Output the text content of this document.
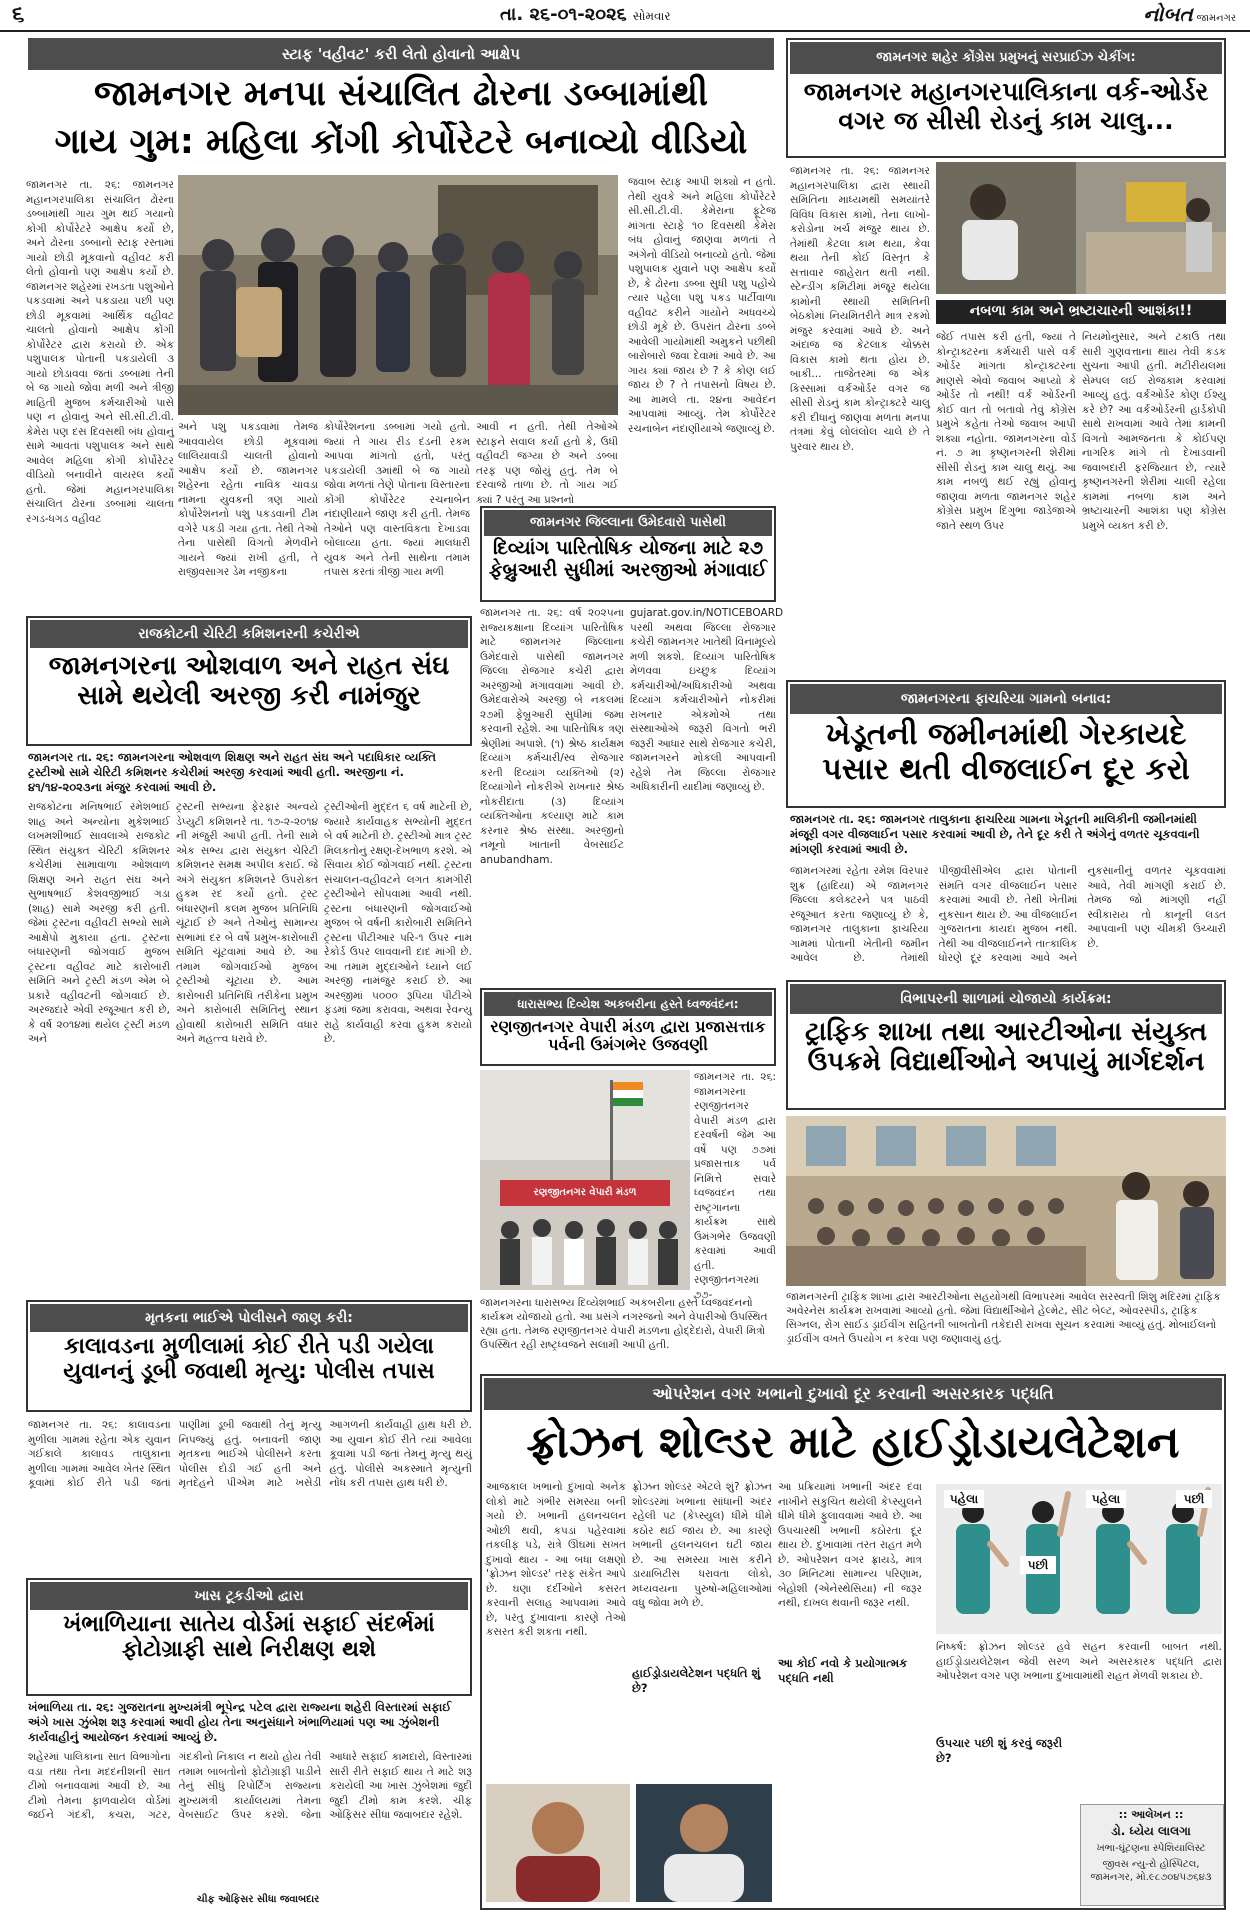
૬	તા. ૨૬-૦૧-૨૦૨૬ સોમવાર	નોબત જામનગર
સ્ટાફ 'વહીવટ' કરી લેતો હોવાનો આક્ષેપ
જામનગર મનપા સંચાલિત ઢોરના ડબ્બામાંથી
ગાય ગુમ: મહિલા કોંગી કોર્પોરેટરે બનાવ્યો વીડિયો
જામનગર તા. ૨૬: જામનગર મહાનગરપાલિકા સંચાલિત ઢોરના ડબ્બામાંથી ગાય ગુમ થઈ ગયાનો કોંગી કોર્પોરેટરે આક્ષેપ કર્યો છે, અને ઢોરના ડબ્બાનો સ્ટાફ રસ્તામાં ગાયો છોડી મૂકવાનો વહીવટ કરી લેતો હોવાનો પણ આક્ષેપ કર્યો છે. જામનગર શહેરમાં રખડતા પશુઓને પકડવામાં અને પકડાયા પછી પણ છોડી મૂકવામાં આર્થિક વહીવટ ચાલતો હોવાનો આક્ષેપ કોંગી કોર્પોરેટર દ્વારા કરાયો છે. એક પશુપાલક પોતાની પકડાયેલી ૩ ગાયો છોડાવવા જતાં ડબ્બામાં તેની બે જ ગાયો જોવા મળી અને ત્રીજી માહિતી મુજબ કર્મચારીઓ પાસે પણ ન હોવાનું અને સી.સી.ટી.વી. કેમેરા પણ દસ દિવસથી બંધ હોવાનું સામે આવતાં પશુપાલક અને સાથે આવેલ મહિલા કોંગી કોર્પોરેટર વીડિયો બનાવીને વાયરલ કર્યો હતો. જેમાં મહાનગરપાલિકા સંચાલિત ઢોરના ડબ્બામાં ચાલતા રગડ-ધગડ વહીવટ
અને પશુ પકડવામાં તેમજ આવવાયેલ છોડી મૂકવામાં લાલિયાવાડી ચાલતી હોવાનો આક્ષેપ કર્યો છે. જામનગર શહેરના રહેતા નાવિક ચાવડા નામના યુવકની ત્રણ ગાયો કોર્પોરેશનનો પશુ પકડવાની ટીમ વગેરે પકડી ગયા હતા. તેથી તેઓ તેના પાસેથી વિગતો મેળવીને ગાયને જ્યાં રાખી હતી, તે રાજીવસાગર ડેમ નજીકના
કોર્પોરેશનના ડબ્બામાં ગયો હતો. જ્યાં તે ગાય રીડ દંડની રકમ આપવા માંગતો હતો, પરંતુ પકડાયેલી ૩માંથી બે જ ગાયો જોવા મળતાં તેણે પોતાના વિસ્તારના કોંગી કોર્પોરેટર રચનાબેન નંદાણીયાને જાણ કરી હતી. તેમજ તેઓને પણ વાસ્તવિકતા દેખાડવા બોલાવ્યા હતા. જ્યાં માલધારી યુવક અને તેની સાથેના તમામ તપાસ કરતાં ત્રીજી ગાય મળી
આવી ન હતી. તેથી તેઓએ સ્ટાફને સવાલ કર્યા હતો કે, ઉધી વહીવટી જગ્યા છે અને ડબ્બા તરફ પણ જોયું હતું. તેમ બે દરવાજે તાળા છે. તો ગાય ગઈ ક્યાં ? પરંતુ આ પ્રશ્નનો
જવાબ સ્ટાફ આપી શક્યો ન હતો. તેથી યુવકે અને મહિલા કોર્પોરેટરે સી.સી.ટી.વી. કેમેરાના ફૂટેજ માંગતા સ્ટાફે ૧૦ દિવસથી કેમેરા બંધ હોવાનું જાણવા મળતાં તે અંગેનો વીડિયો બનાવ્યો હતો. જેમાં પશુપાલક યુવાને પણ આક્ષેપ કર્યો છે, કે ઢોરના ડબ્બા સુધી પશુ પહોંચે ત્યાર પહેલા પશુ પકડ પાર્ટીવાળા વહીવટ કરીને ગાયોને અધવચ્ચે છોડી મૂકે છે. ઉપરાંત ઢોરના ડબ્બે આવેલી ગાયોમાંથી અમુકને પછીથી બારોબારો જવા દેવામાં આવે છે. આ ગાય ક્યાં જાય છે ? કે કોણ લઈ જાય છે ? તે તપાસનો વિષય છે. આ મામલે તા. ૨૪ના આવેદન આપવામાં આવ્યું. તેમ કોર્પોરેટર રચનાબેન નંદાણીયાએ જણાવ્યું છે.
જામનગર શહેર કોંગ્રેસ પ્રમુખનું સરપ્રાઈઝ ચેકીંગ:
જામનગર મહાનગરપાલિકાના વર્ક-ઓર્ડર વગર જ સીસી રોડનું કામ ચાલુ...
જામનગર તા. ૨૬: જામનગર મહાનગરપાલિકા દ્વારા સ્થાયી સમિતિના માધ્યમથી સમયાંતરે વિવિધ વિકાસ કામો, તેના લાખો-કરોડોના ખર્ચ મંજુર થાય છે. તેમાંથી કેટલા કામ થયા, કેવા થયા તેની કોઈ વિસ્તૃત કે સત્તાવાર જાહેરાત થતી નથી. સ્ટેન્ડીંગ કમિટીમાં મંજૂર થયેલા કામોની સ્થાયી સમિતિની બેઠકોમાં નિયમિતરીતે માત્ર રકમો મંજુર કરવામાં આવે છે. અને અંદાજ જ કેટલાક ચોક્કસ વિકાસ કામો થતા હોય છે. બાકી... તાજેતરમાં જ એક કિસ્સામાં વર્કઓર્ડર વગર જ સીસી રોડનું કામ કોન્ટ્રાક્ટરે ચાલુ કરી દીધાનું જાણવા મળતા મનપા તંત્રમાં કેવું લોલંલોલ ચાલે છે તે પુરવાર થાય છે.
નબળા કામ અને ભ્રષ્ટાચારની આશંકા!!
જેઈ તપાસ કરી હતી, જ્યાં તે કોન્ટ્રાક્ટરના કર્મચારી પાસે વર્ક ઓર્ડર માંગતા કોન્ટ્રાક્ટરના માણસે એવો જવાબ આપ્યો કે ઓર્ડર તો નથી! વર્ક ઓર્ડરની કોઈ વાત તો બતાવો તેવું કોંગ્રેસ પ્રમુખે કહેતા તેઓ જવાબ આપી શક્યા નહોતા. જામનગરના વોર્ડ નં. ૭ મા કૃષ્ણનગરની શેરીમાં સીસી રોડનું કામ ચાલુ થયું. આ કામ નબળું થઈ રહ્યું હોવાનું જાણવા મળતા જામનગર શહેર કોંગ્રેસ પ્રમુખ દિગુભા જાડેજાએ જાતે સ્થળ ઉપર
નિયમોનુસાર, અને ટકાઉ તથા સારી ગુણવત્તાના થાય તેવી કડક સુચના આપી હતી. મટીરીયલમાં સેમ્પલ લઈ રોજકામ કરવામાં આવ્યું હતું. વર્કઓર્ડર કોણ ઈશ્યુ કરે છે? આ વર્કઓર્ડરની હાર્ડકોપી સાથે રાખવામાં આવે તેમાં કામની વિગતો આમજનતા કે કોઈપણ નાગરિક માંગે તો દેખાડવાની જવાબદારી ફરજિયાત છે, ત્યારે કૃષ્ણનગરની શેરીમાં ચાલી રહેલા કામમાં નબળા કામ અને ભ્રષ્ટાચારની આશંકા પણ કોંગ્રેસ પ્રમુખે વ્યક્ત કરી છે.
જામનગર જિલ્લાના ઉમેદવારો પાસેથી
દિવ્યાંગ પારિતોષિક યોજના માટે ૨૭ ફેબ્રુઆરી સુધીમાં અરજીઓ મંગાવાઈ
જામનગર તા. ૨૬: વર્ષ ૨૦૨૫ના રાજ્યકક્ષાના દિવ્યાંગ પારિતોષિક માટે જામનગર જિલ્લાના ઉમેદવારો પાસેથી જામનગર જિલ્લા રોજગાર કચેરી દ્વારા અરજીઓ મંગાવવામાં આવી છે. ઉમેદવારોએ અરજી બે નકલમાં ૨૭મી ફેબ્રુઆરી સુધીમાં જમા કરવાની રહેશે. આ પારિતોષિક ત્રણ શ્રેણીમાં અપાશે. (૧) શ્રેષ્ઠ કાર્યક્ષમ દિવ્યાંગ કર્મચારી/સ્વ રોજગાર કરતી દિવ્યાંગ વ્યક્તિઓ (૨) દિવ્યાંગોને નોકરીએ રાખનાર શ્રેષ્ઠ નોકરીદાતા (૩) દિવ્યાંગ વ્યક્તિઓના કલ્યાણ માટે કામ કરનાર શ્રેષ્ઠ સંસ્થા. અરજીનો નમૂનો ખાતાની વેબસાઈટ anubandham.
gujarat.gov.in/NOTICEBOARD પરથી અથવા જિલ્લા રોજગાર કચેરી જામનગર ખાતેથી વિનામૂલ્યે મળી શકશે. દિવ્યાંગ પારિતોષિક મેળવવા ઇચ્છુક દિવ્યાંગ કર્મચારીઓ/અધિકારીઓ અથવા દિવ્યાંગ કર્મચારીઓને નોકરીમાં રાખનાર એકમોએ તથા સંસ્થાઓએ જરૂરી વિગતો ભરી જરૂરી આધાર સાથે રોજગાર કચેરી, જામનગરને મોકલી આપવાની રહેશે તેમ જિલ્લા રોજગાર અધિકારીની યાદીમાં જણાવ્યું છે.
રાજકોટની ચેરિટી કમિશનરની કચેરીએ
જામનગરના ઓશવાળ અને રાહત સંઘ સામે થયેલી અરજી કરી નામંજુર
જામનગર તા. ૨૬: જામનગરના ઓશવાળ શિક્ષણ અને રાહત સંઘ અને પદાધિકાર વ્યક્તિ ટ્રસ્ટીઓ સામે ચેરિટી કમિશનર કચેરીમાં અરજી કરવામાં આવી હતી. અરજીના નં. ૪૧/૧૪-૨૦૨૩ના મંજુર કરવામાં આવી છે.
રાજકોટના મનિષભાઈ રમેશભાઈ શાહ અને અન્યોના મુકેશભાઈ લખમશીભાઈ સાવલાએ રાજકોટ સ્થિત સંયુક્ત ચેરિટી કમિશનર કચેરીમાં સામાવાળા ઓશવાળ શિક્ષણ અને રાહત સંઘ અને સુભાષભાઈ કેશવજીભાઈ ગડા (શાહ) સામે અરજી કરી હતી. જેમાં ટ્રસ્ટના વહીવટી સભ્યો સામે આક્ષેપો મુકાયા હતા. ટ્રસ્ટના બંધારણની જોગવાઈ મુજબ ટ્રસ્ટના વહીવટ માટે કારોબારી સમિતિ અને ટ્રસ્ટી મંડળ એમ બે પ્રકારે વહીવટની જોગવાઈ છે. અરજદારે એવી રજૂઆત કરી છે, કે વર્ષ ૨૦૧૪માં થયેલ ટ્રસ્ટી મંડળ અને
ટ્રસ્ટની સભ્યના ફેરફાર અન્વયે ડેપ્યુટી કમિશનરે તા. ૧૭-૨-૨૦૧૪ ની મંજુરી આપી હતી. તેની સામે એક સભ્ય દ્વારા સંયુક્ત ચેરિટી કમિશનર સમક્ષ અપીલ કરાઈ. જે અંગે સંયુક્ત કમિશનરે ઉપરોક્ત હુકમ રદ કર્યો હતો. ટ્રસ્ટ બંધારણની કલમ મુજબ પ્રતિનિધિ ચૂંટાઈ છે અને તેઓનું સામાન્ય સભામાં દર બે વર્ષે પ્રમુખ-કારોબારી સમિતિ ચૂંટવામાં આવે છે. આ તમામ જોગવાઈઓ મુજબ ટ્રસ્ટીઓ ચૂંટાયા છે. આમ કારોબારી પ્રતિનિધિ તરીકેના પ્રમુખ અને કારોબારી સમિતિનું સ્થાન હોવાથી કારોબારી સમિતિ વધાર અને મહત્ત્વ ધરાવે છે.
ટ્રસ્ટીઓની મુદ્દત ૬ વર્ષ માટેની છે, જ્યારે કાર્યવાહક સભ્યોની મુદ્દત બે વર્ષ માટેની છે. ટ્રસ્ટીઓ માત્ર ટ્રસ્ટ મિલકતોનું રક્ષણ-દેખભાળ કરશે. એ સિવાય કોઈ જોગવાઈ નથી. ટ્રસ્ટના સંચાલન-વહીવટને લગત કામગીરી ટ્રસ્ટીઓને સોંપવામાં આવી નથી. ટ્રસ્ટના બંધારણની જોગવાઈઓ મુજબ બે વર્ષની કારોબારી સમિતિને ટ્રસ્ટના પીટીઆર પરિ-૧ ઉપર નામ રેકોર્ડ ઉપર લાવવાની દાદ માંગી છે. આ તમામ મુદ્દાઓને ધ્યાને લઈ અરજી નામંજુર કરાઈ છે. આ અરજીમાં ૫૦૦૦ રૂપિયા પીટીએ ફંડમાં જમા કરાવવા, અથવા રેવન્યુ રાહે કાર્યવાહી કરવા હુકમ કરાયો છે.
ધારાસભ્ય દિવ્યેશ અકબરીના હસ્તે ધ્વજવંદન:
રણજીતનગર વેપારી મંડળ દ્વારા પ્રજાસત્તાક પર્વની ઉમંગભેર ઉજવણી
રણજીતનગર વેપારી મંડળ
જામનગર તા. ૨૬: જામનગરના રણજીતનગર વેપારી મંડળ દ્વારા દરવર્ષની જેમ આ વર્ષે પણ ૭૭માં પ્રજાસત્તાક પર્વ નિમિત્તે સવારે ધ્વજવંદન તથા રાષ્ટ્રગાનના કાર્યક્રમ સાથે ઉમંગભેર ઉજવણી કરવામાં આવી હતી. રણજીતનગરમાં ૭૭-
જામનગરના ધારાસભ્ય દિવ્યેશભાઈ અકબરીના હસ્તે ધ્વજવંદનનો કાર્યક્રમ યોજાયો હતો. આ પ્રસંગે નગરજનો અને વેપારીઓ ઉપસ્થિત રહ્યા હતા. તેમજ રણજીતનગર વેપારી મંડળના હોદ્દેદારો, વેપારી મિત્રો ઉપસ્થિત રહી રાષ્ટ્રધ્વજને સલામી આપી હતી.
જામનગરના ફાચરિયા ગામનો બનાવ:
ખેડૂતની જમીનમાંથી ગેરકાયદે પસાર થતી વીજલાઈન દૂર કરો
જામનગર તા. ૨૬: જામનગર તાલુકાના ફાચરિયા ગામના ખેડૂતની માલિકીની જમીનમાંથી મંજૂરી વગર વીજલાઈન પસાર કરવામાં આવી છે, તેને દૂર કરી તે અંગેનું વળતર ચૂકવવાની માંગણી કરવામાં આવી છે.
જામનગરમાં રહેતા રમેશ વિરપાર શુક્ર (હાદિયા) એ જામનગર જિલ્લા કલેક્ટરને પત્ર પાઠવી રજૂઆત કરતા જણાવ્યું છે કે, જામનગર તાલુકાના ફાચરિયા ગામમાં પોતાની ખેતીની જમીન આવેલ છે. તેમાંથી પીજીવીસીએલ દ્વારા પોતાની સંમતિ વગર વીજલાઈન પસાર કરવામાં આવી છે. તેથી ખેતીમાં નુકસાન થાય છે. આ વીજલાઈન ગુજરાતના કાયદા મુજબ નથી. તેથી આ વીજલાઈનને તાત્કાલિક ધોરણે દૂર કરવામાં આવે અને નુકસાનીનું વળતર ચૂકવવામાં આવે, તેવી માંગણી કરાઈ છે. તેમજ જો માંગણી નહીં સ્વીકારાય તો કાનૂની લડત આપવાની પણ ચીમકી ઉચ્ચારી છે.
વિભાપરની શાળામાં યોજાયો કાર્યક્રમ:
ટ્રાફિક શાખા તથા આરટીઓના સંયુક્ત ઉપક્રમે વિદ્યાર્થીઓને અપાયું માર્ગદર્શન
જામનગરની ટ્રાફિક શાખા દ્વારા આરટીઓના સહયોગથી વિભાપરમાં આવેલ સરસ્વતી શિશુ મંદિરમાં ટ્રાફિક અવેરનેસ કાર્યક્રમ રાખવામાં આવ્યો હતો. જેમાં વિદ્યાર્થીઓને હેલ્મેટ, સીટ બેલ્ટ, ઓવરસ્પીડ, ટ્રાફિક સિગ્નલ, રોંગ સાઈડ ડ્રાઈવીંગ સહિતની બાબતોની તકેદારી રાખવા સૂચન કરવામાં આવ્યું હતું. મોબાઈલનો ડ્રાઈવીંગ વખતે ઉપયોગ ન કરવા પણ જણાવાયું હતું.
મૃતકના ભાઈએ પોલીસને જાણ કરી:
કાલાવડના મુળીલામાં કોઈ રીતે પડી ગયેલા યુવાનનું ડૂબી જવાથી મૃત્યુ: પોલીસ તપાસ
જામનગર તા. ૨૬: કાલાવડના મુળીલા ગામમાં રહેતા એક યુવાન ગઈકાલે કાલાવડ તાલુકાના મુળીલા ગામમાં આવેલ ખેતર સ્થિત કૂવામાં કોઈ રીતે પડી જતાં પાણીમાં ડૂબી જવાથી તેનું મૃત્યુ નિપજ્યું હતું. બનાવની જાણ મૃતકના ભાઈએ પોલીસને કરતા પોલીસ દોડી ગઈ હતી અને મૃતદેહને પીએમ માટે ખસેડી આગળની કાર્યવાહી હાથ ધરી છે. આ યુવાન કોઈ રીતે ત્યાં આવેલા કૂવામાં પડી જતાં તેમનું મૃત્યુ થયું હતું. પોલીસે અકસ્માતે મૃત્યુની નોંધ કરી તપાસ હાથ ધરી છે.
ખાસ ટૂકડીઓ દ્વારા
ખંભાળિયાના સાતેય વોર્ડમાં સફાઈ સંદર્ભમાં ફોટોગ્રાફી સાથે નિરીક્ષણ થશે
ખંભાળિયા તા. ૨૬: ગુજરાતના મુખ્યમંત્રી ભૂપેન્દ્ર પટેલ દ્વારા રાજ્યના શહેરી વિસ્તારમાં સફાઈ અંગે ખાસ ઝુંબેશ શરૂ કરવામાં આવી હોય તેના અનુસંધાને ખંભાળિયામાં પણ આ ઝુંબેશની કાર્યવાહીનું આયોજન કરવામાં આવ્યું છે.
શહેરમાં પાલિકાના સાત વિભાગોના વડા તથા તેના મદદનીશની સાત ટીમો બનાવવામાં આવી છે. આ ટીમો તેમના ફાળવાયેલ વોર્ડમાં જઈને ગંદકી, કચરા, ગટર, ગંદકીનો નિકાલ ન થયો હોય તેવી તમામ બાબતોનો ફોટોગ્રાફી પાડીને તેનું સીધું રિપોર્ટિંગ રાજ્યના મુખ્યમંત્રી કાર્યાલયમાં તેમના વેબસાઈટ ઉપર કરશે. જેના આધારે સફાઈ કામદારો, વિસ્તારમાં સારી રીતે સફાઈ થાય તે માટે શરૂ કરાયેલી આ ખાસ ઝુંબેશમાં જુદી જુદી ટીમો કામ કરશે. ચીફ ઓફિસર સીધા જવાબદાર રહેશે.
ચીફ ઓફિસર સીધા જવાબદાર
ઓપરેશન વગર ખભાનો દુખાવો દૂર કરવાની અસરકારક પદ્ધતિ
ફ્રોઝન શોલ્ડર માટે હાઈડ્રોડાયલેટેશન
આજકાલ ખભાનો દુખાવો અનેક લોકો માટે ગંભીર સમસ્યા બની ગયો છે. ખભાની હલનચલન ઓછી થવી, કપડાં પહેરવામાં તકલીફ પડે, રાત્રે ઊંઘમાં સખત દુખાવો થાય - આ બધા લક્ષણો 'ફ્રોઝન શોલ્ડર' તરફ સંકેત આપે છે. ઘણા દર્દીઓને કસરત કરવાની સલાહ આપવામાં આવે છે, પરંતુ દુખાવાના કારણે તેઓ કસરત કરી શકતા નથી.
ફ્રોઝન શોલ્ડર એટલે શું? ફ્રોઝન શોલ્ડરમાં ખભાના સાંધાની અંદર રહેલી પટ (કેપ્સ્યુલ) ધીમે ધીમે કઠોર થઈ જાય છે. આ કારણે ખભાની હલનચલન ઘટી જાય છે. આ સમસ્યા ખાસ કરીને ડાયાબિટીસ ધરાવતા લોકો, મધ્યવયના પુરુષો-મહિલાઓમાં વધુ જોવા મળે છે.
આ પ્રક્રિયામાં ખભાની અંદર દવા નાખીને સંકુચિત થયેલી કેપ્સ્યુલને ધીમે ધીમે ફુલાવવામાં આવે છે. આ ઉપચારથી ખભાની કઠોરતા દૂર થાય છે. દુખાવામાં તરત રાહત મળે છે. ઓપરેશન વગર ફ્રાયડે, માત્ર ૩૦ મિનિટમાં સામાન્ય પરિણામ, બેહોશી (એનેસ્થેસિયા) ની જરૂર નથી, દાખલ થવાની જરૂર નથી.
હાઈડ્રોડાયલેટેશન પદ્ધતિ શું છે?
આ કોઈ નવો કે પ્રયોગાત્મક પદ્ધતિ નથી
પહેલા
પછી
પહેલા	પછી
નિષ્કર્ષ: ફ્રોઝન શોલ્ડર હવે સહન કરવાની બાબત નથી. હાઈડ્રોડાયલેટેશન જેવી સરળ અને અસરકારક પદ્ધતિ દ્વારા ઓપરેશન વગર પણ ખભાના દુખાવામાંથી રાહત મેળવી શકાય છે.
ઉપચાર પછી શું કરવું જરૂરી છે?
:: આલેખન ::
ડો. ધ્યેય લાલગા
ખભા-ઘૂંટણના સ્પેશિયાલિસ્ટ
જીવસ ન્યુ-રો હોસ્પિટલ, જામનગર, મો.૯૮૭૦૪૫૭૬૪૩
